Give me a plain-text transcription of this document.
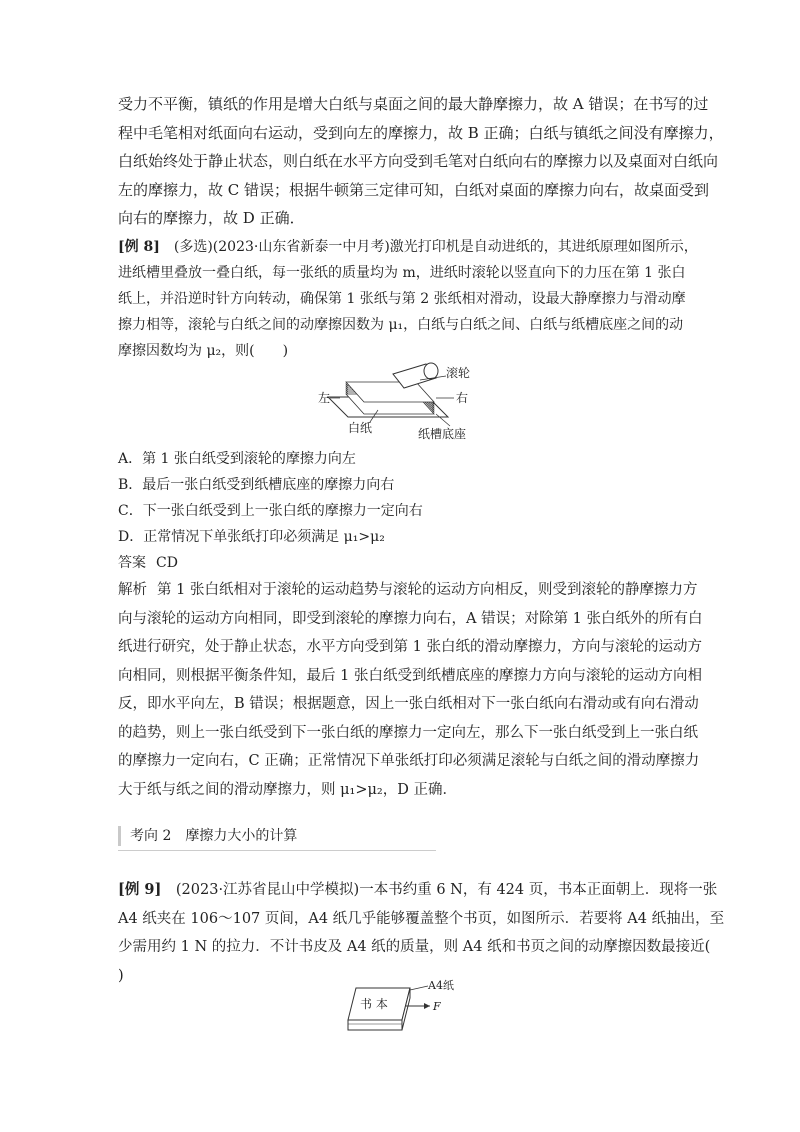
受力不平衡，镇纸的作用是增大白纸与桌面之间的最大静摩擦力，故 A 错误；在书写的过
程中毛笔相对纸面向右运动，受到向左的摩擦力，故 B 正确；白纸与镇纸之间没有摩擦力，
白纸始终处于静止状态，则白纸在水平方向受到毛笔对白纸向右的摩擦力以及桌面对白纸向
左的摩擦力，故 C 错误；根据牛顿第三定律可知，白纸对桌面的摩擦力向右，故桌面受到
向右的摩擦力，故 D 正确．
[ 例 8 ]　 (多选)(2023·山东省新泰一中月考)激光打印机是自动进纸的，其进纸原理如图所示，
进纸槽里叠放一叠白纸，每一张纸的质量均为 m，进纸时滚轮以竖直向下的力压在第 1 张白
纸上，并沿逆时针方向转动，确保第 1 张纸与第 2 张纸相对滑动，设最大静摩擦力与滑动摩
擦力相等，滚轮与白纸之间的动摩擦因数为 μ₁，白纸与白纸之间、白纸与纸槽底座之间的动
摩擦因数均为 μ₂，则(　　)
滚轮
左	右
白纸	纸槽底座
A．第 1 张白纸受到滚轮的摩擦力向左
B．最后一张白纸受到纸槽底座的摩擦力向右
C．下一张白纸受到上一张白纸的摩擦力一定向右
D．正常情况下单张纸打印必须满足 μ₁>μ₂
答案 CD
解析 第 1 张白纸相对于滚轮的运动趋势与滚轮的运动方向相反，则受到滚轮的静摩擦力方
向与滚轮的运动方向相同，即受到滚轮的摩擦力向右，A 错误；对除第 1 张白纸外的所有白
纸进行研究，处于静止状态，水平方向受到第 1 张白纸的滑动摩擦力，方向与滚轮的运动方
向相同，则根据平衡条件知，最后 1 张白纸受到纸槽底座的摩擦力方向与滚轮的运动方向相
反，即水平向左，B 错误；根据题意，因上一张白纸相对下一张白纸向右滑动或有向右滑动
的趋势，则上一张白纸受到下一张白纸的摩擦力一定向左，那么下一张白纸受到上一张白纸
的摩擦力一定向右，C 正确；正常情况下单张纸打印必须满足滚轮与白纸之间的滑动摩擦力
大于纸与纸之间的滑动摩擦力，则 μ₁>μ₂，D 正确．
考向 2　摩擦力大小的计算
[ 例 9 ]　 (2023·江苏省昆山中学模拟)一本书约重 6 N，有 424 页，书本正面朝上．现将一张
A4 纸夹在 106～107 页间，A4 纸几乎能够覆盖整个书页，如图所示．若要将 A4 纸抽出，至
少需用约 1 N 的拉力．不计书皮及 A4 纸的质量，则 A4 纸和书页之间的动摩擦因数最接近(
)
书 本
A4纸
F
